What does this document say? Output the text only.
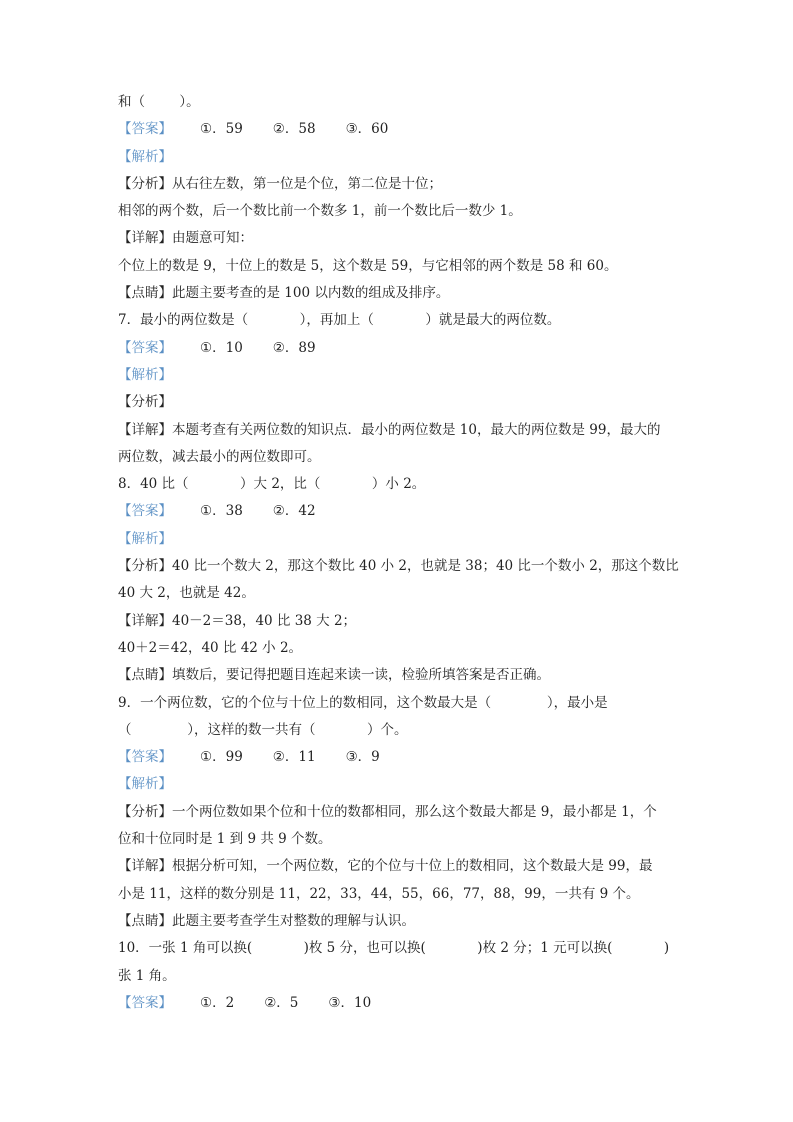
和（        ）。
【答案】 ①．59 ②．58 ③．60
【解析】
【分析】从右往左数，第一位是个位，第二位是十位；
相邻的两个数，后一个数比前一个数多 1，前一个数比后一数少 1。
【详解】由题意可知：
个位上的数是 9，十位上的数是 5，这个数是 59，与它相邻的两个数是 58 和 60。
【点睛】此题主要考查的是 100 以内数的组成及排序。
7．最小的两位数是（            ），再加上（            ）就是最大的两位数。
【答案】 ①．10 ②．89
【解析】
【分析】
【详解】本题考查有关两位数的知识点．最小的两位数是 10，最大的两位数是 99，最大的
两位数，减去最小的两位数即可。
8．40 比（            ）大 2，比（            ）小 2。
【答案】 ①．38 ②．42
【解析】
【分析】40 比一个数大 2，那这个数比 40 小 2，也就是 38；40 比一个数小 2，那这个数比
40 大 2，也就是 42。
【详解】40－2＝38，40 比 38 大 2；
40＋2＝42，40 比 42 小 2。
【点睛】填数后，要记得把题目连起来读一读，检验所填答案是否正确。
9．一个两位数，它的个位与十位上的数相同，这个数最大是（             ），最小是
（             ），这样的数一共有（            ）个。
【答案】 ①．99 ②．11 ③．9
【解析】
【分析】一个两位数如果个位和十位的数都相同，那么这个数最大都是 9，最小都是 1，个
位和十位同时是 1 到 9 共 9 个数。
【详解】根据分析可知，一个两位数，它的个位与十位上的数相同，这个数最大是 99，最
小是 11，这样的数分别是 11，22，33，44，55，66，77，88，99，一共有 9 个。
【点睛】此题主要考查学生对整数的理解与认识。
10．一张 1 角可以换(            )枚 5 分，也可以换(            )枚 2 分；1 元可以换(            )
张 1 角。
【答案】 ①．2 ②．5 ③．10
